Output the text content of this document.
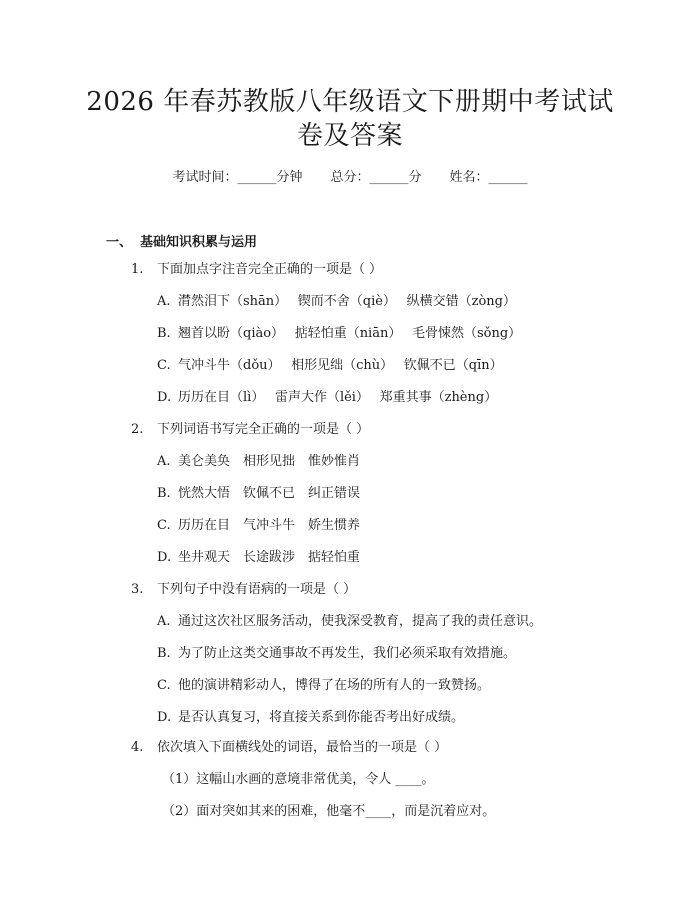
2026 年春苏教版八年级语文下册期中考试试
卷及答案
考试时间：______分钟 总分：______分 姓名：______
一、 基础知识积累与运用
1. 下面加点字注音完全正确的一项是（ ）
A. 潸然泪下（shān）　 锲而不舍（qiè）　 纵横交错（zòng）
B. 翘首以盼（qiào）　 掂轻怕重（niān）　 毛骨悚然（sǒng）
C. 气冲斗牛（dǒu）　 相形见绌（chù）　 钦佩不已（qīn）
D. 历历在目（lì）　 雷声大作（lěi）　 郑重其事（zhèng）
2. 下列词语书写完全正确的一项是（ ）
A. 美仑美奂　相形见拙　惟妙惟肖
B. 恍然大悟　钦佩不已　纠正错误
C. 历历在目　气冲斗牛　娇生惯养
D. 坐井观天　长途跋涉　掂轻怕重
3. 下列句子中没有语病的一项是（ ）
A. 通过这次社区服务活动，使我深受教育，提高了我的责任意识。
B. 为了防止这类交通事故不再发生，我们必须采取有效措施。
C. 他的演讲精彩动人，博得了在场的所有人的一致赞扬。
D. 是否认真复习，将直接关系到你能否考出好成绩。
4. 依次填入下面横线处的词语，最恰当的一项是（ ）
（1）这幅山水画的意境非常优美，令人 ____。
（2）面对突如其来的困难，他毫不____，而是沉着应对。
